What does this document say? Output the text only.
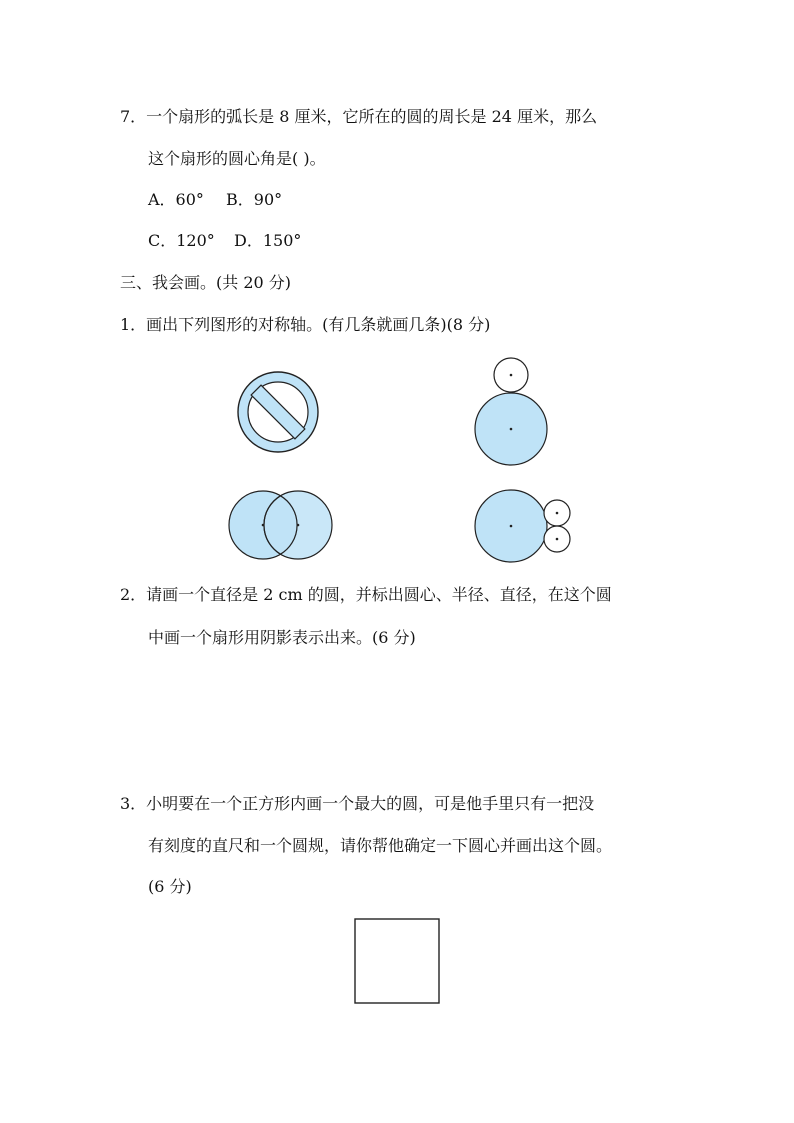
7．一个扇形的弧长是 8 厘米，它所在的圆的周长是 24 厘米，那么
这个扇形的圆心角是( )。
A．60° B．90°
C．120° D．150°
三、我会画。(共 20 分)
1．画出下列图形的对称轴。(有几条就画几条)(8 分)
2．请画一个直径是 2 cm 的圆，并标出圆心、半径、直径，在这个圆
中画一个扇形用阴影表示出来。(6 分)
3．小明要在一个正方形内画一个最大的圆，可是他手里只有一把没
有刻度的直尺和一个圆规，请你帮他确定一下圆心并画出这个圆。
(6 分)
